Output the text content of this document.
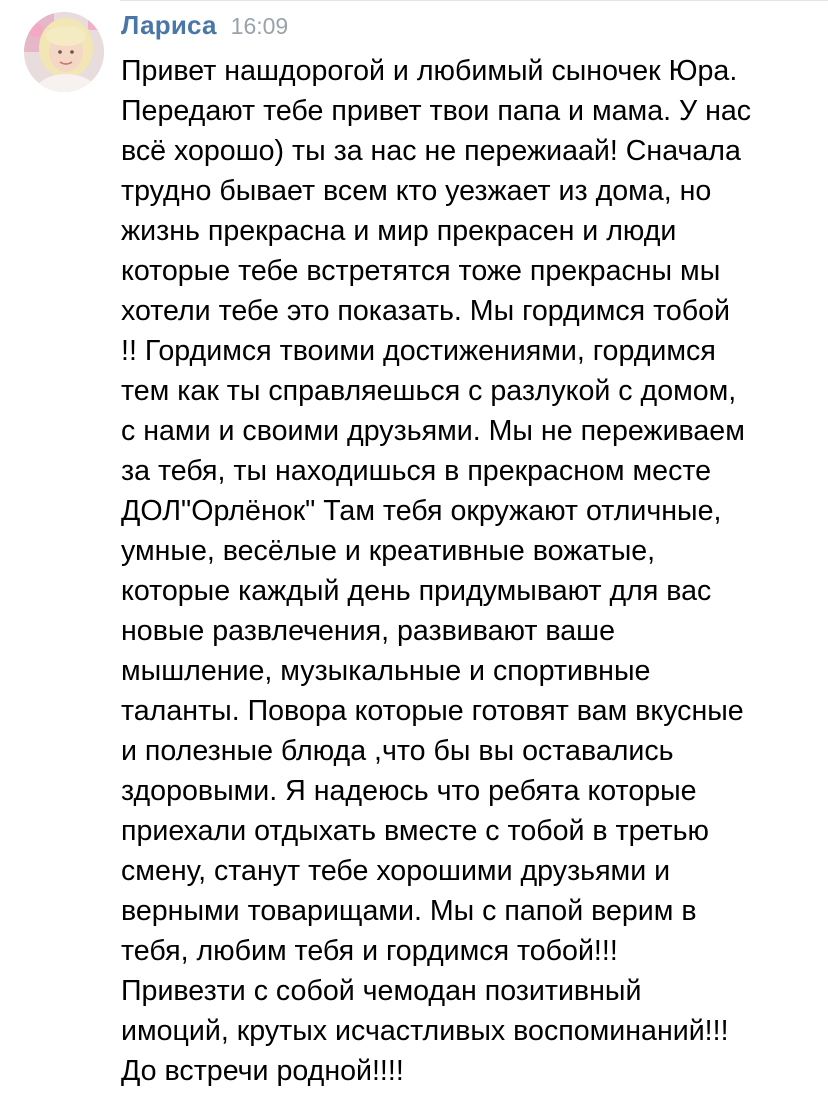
Лариса 16:09
Привет нашдорогой и любимый сыночек Юра.
Передают тебе привет твои папа и мама. У нас
всё хорошо) ты за нас не пережиаай! Сначала
трудно бывает всем кто уезжает из дома, но
жизнь прекрасна и мир прекрасен и люди
которые тебе встретятся тоже прекрасны мы
хотели тебе это показать. Мы гордимся тобой
!! Гордимся твоими достижениями, гордимся
тем как ты справляешься с разлукой с домом,
с нами и своими друзьями. Мы не переживаем
за тебя, ты находишься в прекрасном месте
ДОЛ"Орлёнок" Там тебя окружают отличные,
умные, весёлые и креативные вожатые,
которые каждый день придумывают для вас
новые развлечения, развивают ваше
мышление, музыкальные и спортивные
таланты. Повора которые готовят вам вкусные
и полезные блюда ,что бы вы оставались
здоровыми. Я надеюсь что ребята которые
приехали отдыхать вместе с тобой в третью
смену, станут тебе хорошими друзьями и
верными товарищами. Мы с папой верим в
тебя, любим тебя и гордимся тобой!!!
Привезти с собой чемодан позитивный
имоций, крутых исчастливых воспоминаний!!!
До встречи родной!!!!
